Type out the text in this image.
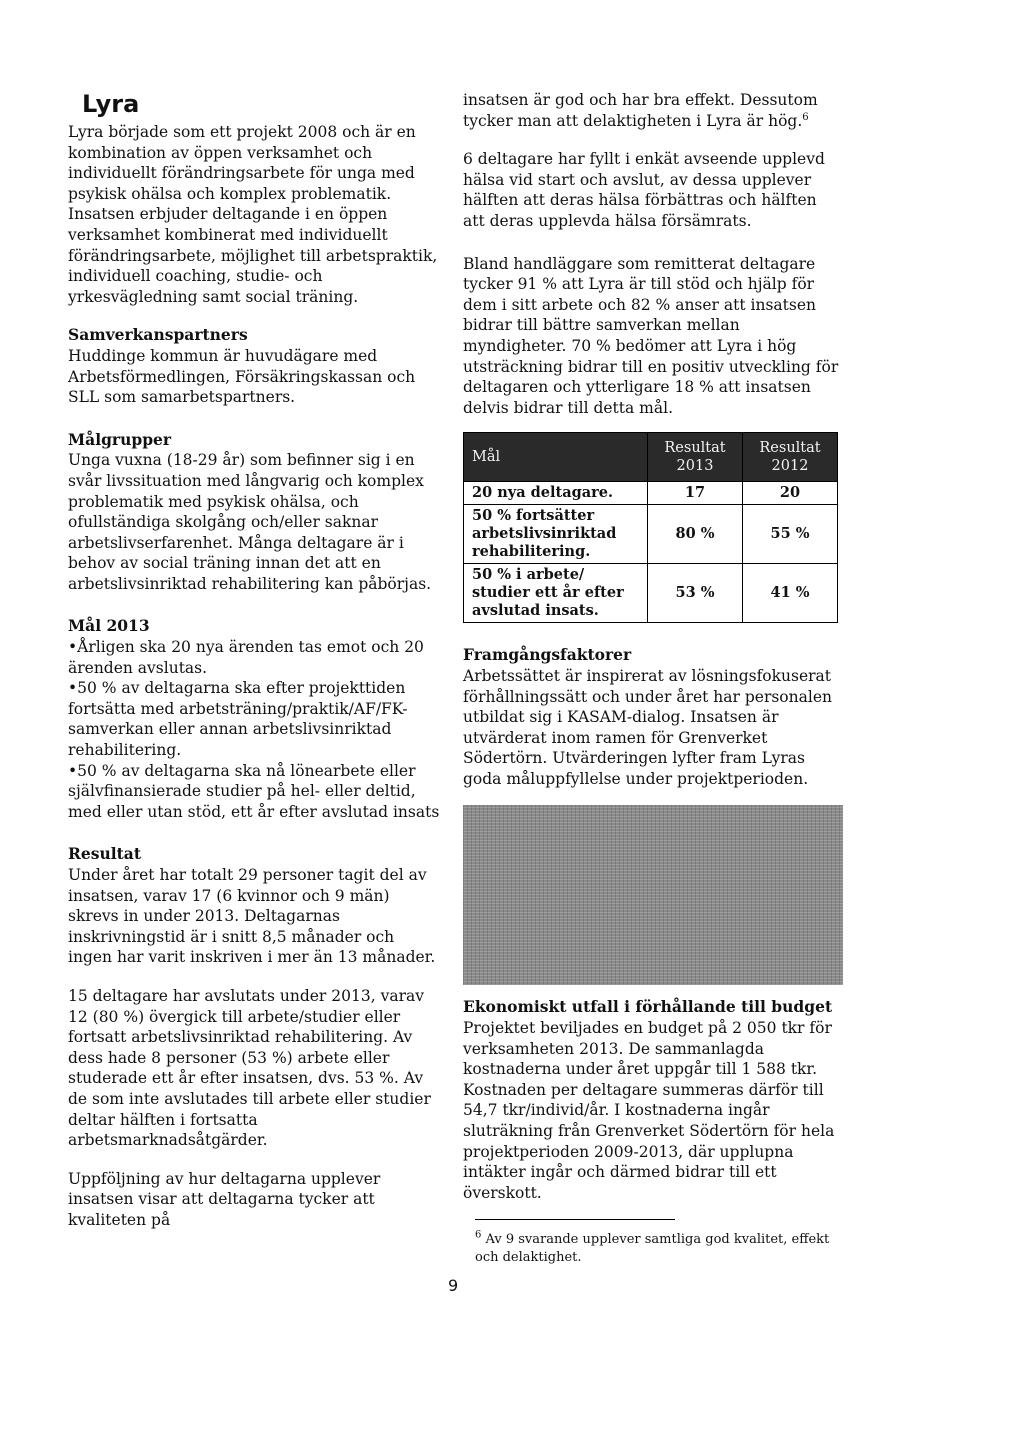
Lyra

Lyra började som ett projekt 2008 och är en kombination av öppen verksamhet och individuellt förändringsarbete för unga med psykisk ohälsa och komplex problematik. Insatsen erbjuder deltagande i en öppen verksamhet kombinerat med individuellt förändringsarbete, möjlighet till arbetspraktik, individuell coaching, studie- och yrkesvägledning samt social träning.

Samverkanspartners

Huddinge kommun är huvudägare med Arbetsförmedlingen, Försäkringskassan och SLL som samarbetspartners.

Målgrupper

Unga vuxna (18-29 år) som befinner sig i en svår livssituation med långvarig och komplex problematik med psykisk ohälsa, och ofullständiga skolgång och/eller saknar arbetslivserfarenhet. Många deltagare är i behov av social träning innan det att en arbetslivsinriktad rehabilitering kan påbörjas.

Mål 2013

• Årligen ska 20 nya ärenden tas emot och 20 ärenden avslutas.
• 50 % av deltagarna ska efter projekttiden fortsätta med arbetsträning/praktik/AF/FK-samverkan eller annan arbetslivsinriktad rehabilitering.
• 50 % av deltagarna ska nå lönearbete eller självfinansierade studier på hel- eller deltid, med eller utan stöd, ett år efter avslutad insats

Resultat

Under året har totalt 29 personer tagit del av insatsen, varav 17 (6 kvinnor och 9 män) skrevs in under 2013. Deltagarnas inskrivningstid är i snitt 8,5 månader och ingen har varit inskriven i mer än 13 månader.

15 deltagare har avslutats under 2013, varav 12 (80 %) övergick till arbete/studier eller fortsatt arbetslivsinriktad rehabilitering. Av dess hade 8 personer (53 %) arbete eller studerade ett år efter insatsen, dvs. 53 %. Av de som inte avslutades till arbete eller studier deltar hälften i fortsatta arbetsmarknadsåtgärder.

Uppföljning av hur deltagarna upplever insatsen visar att deltagarna tycker att kvaliteten på

insatsen är god och har bra effekt. Dessutom tycker man att delaktigheten i Lyra är hög.$^6$

6 deltagare har fyllt i enkät avseende upplevd hälsa vid start och avslut, av dessa upplever hälften att deras hälsa förbättras och hälften att deras upplevda hälsa försämrats.

Bland handläggare som remitterat deltagare tycker 91 % att Lyra är till stöd och hjälp för dem i sitt arbete och 82 % anser att insatsen bidrar till bättre samverkan mellan myndigheter. 70 % bedömer att Lyra i hög utsträckning bidrar till en positiv utveckling för deltagaren och ytterligare 18 % att insatsen delvis bidrar till detta mål.

Mål	Resultat 2013	Resultat 2012
20 nya deltagare.	17	20
50 % fortsätter arbetslivsinriktad rehabilitering.	80 %	55 %
50 % i arbete/ studier ett år efter avslutad insats.	53 %	41 %

Framgångsfaktorer

Arbetssättet är inspirerat av lösningsfokuserat förhållningssätt och under året har personalen utbildat sig i KASAM-dialog. Insatsen är utvärderat inom ramen för Grenverket Södertörn. Utvärderingen lyfter fram Lyras goda måluppfyllelse under projektperioden.

Ekonomiskt utfall i förhållande till budget

Projektet beviljades en budget på 2 050 tkr för verksamheten 2013. De sammanlagda kostnaderna under året uppgår till 1 588 tkr. Kostnaden per deltagare summeras därför till 54,7 tkr/individ/år. I kostnaderna ingår sluträkning från Grenverket Södertörn för hela projektperioden 2009-2013, där upplupna intäkter ingår och därmed bidrar till ett överskott.

$^6$ Av 9 svarande upplever samtliga god kvalitet, effekt och delaktighet.
9
